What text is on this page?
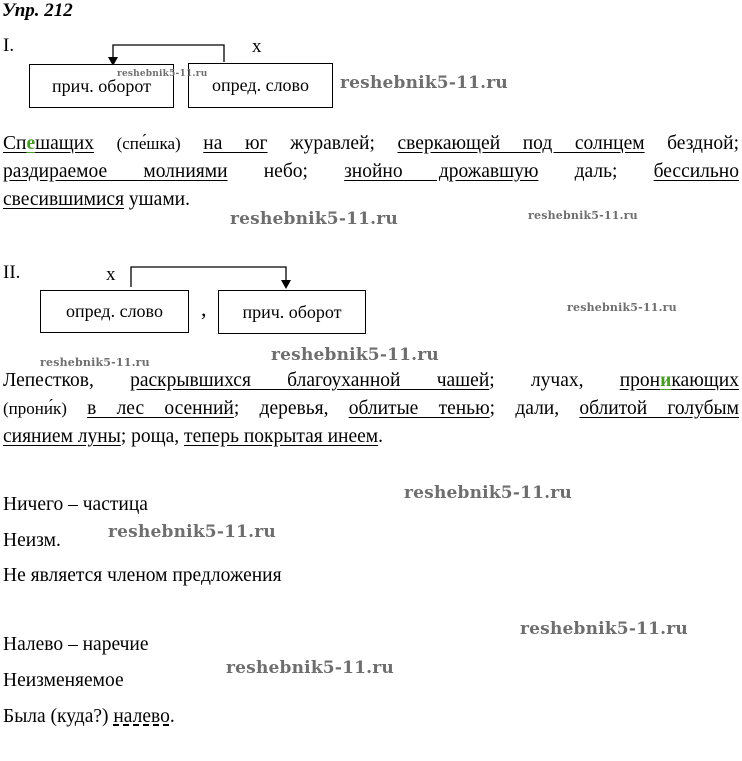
Упр. 212
I.	х
прич. оборот	опред. слово
Спешащих (спе́шка) на юг журавлей; сверкающей под солнцем бездной;
раздираемое молниями небо; знойно дрожавшую даль; бессильно
свесившимися ушами.
II.	х
опред. слово , прич. оборот
Лепестков, раскрывшихся благоуханной чашей; лучах, проникающих
(прони́к) в лес осенний; деревья, облитые тенью; дали, облитой голубым
сиянием луны; роща, теперь покрытая инеем.
Ничего – частица
Неизм.
Не является членом предложения
Налево – наречие
Неизменяемое
Была (куда?) налево.
reshebnik5-11.ru	reshebnik5-11.ru
reshebnik5-11.ru	reshebnik5-11.ru
reshebnik5-11.ru
reshebnik5-11.ru	reshebnik5-11.ru
reshebnik5-11.ru
reshebnik5-11.ru
reshebnik5-11.ru
reshebnik5-11.ru
